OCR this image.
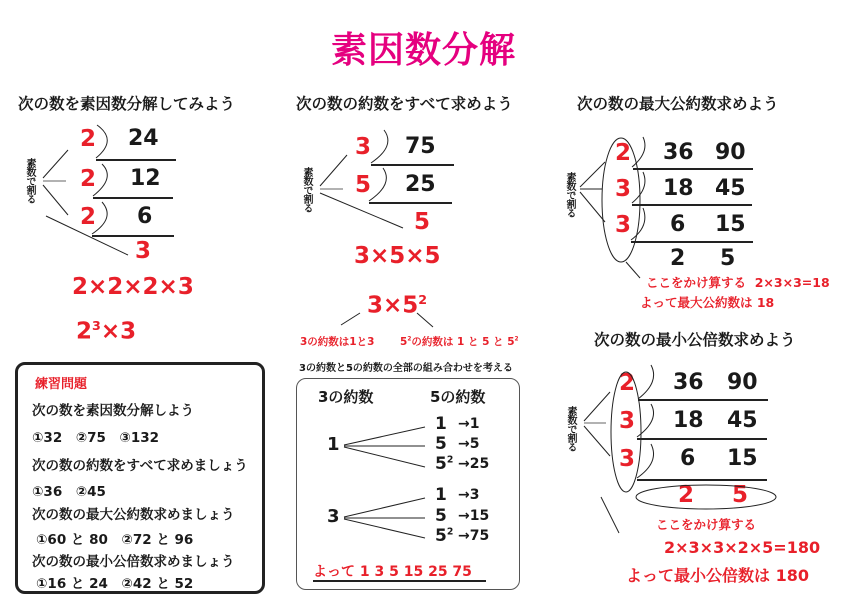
素因数分解
次の数を素因数分解してみよう
素数で割る
2
2
2
24
12
6
3
2×2×2×3
$2^3\times 3$
次の数の約数をすべて求めよう
素数で割る
3
5
75
25
5
3×5×5
$3\times 5^2$
3の約数は1と3 $5^2$の約数は 1 と 5 と $5^2$
3の約数と5の約数の全部の組み合わせを考える
3の約数	5の約数
1
1 →1
5 →5
$5^2 \to 25$
3
1 →3
5 →15
$5^2 \to 75$
よって 1 3 5 15 25 75
次の数の最大公約数求めよう
素数で割る
2
3
3
36 90
18 45
6 15
2 5
ここをかけ算する 2×3×3=18
よって最大公約数は 18
次の数の最小公倍数求めよう
素数で割る
2
3
3
36 90
18 45
6 15
2 5
ここをかけ算する
2×3×3×2×5=180
よって最小公倍数は 180
練習問題
次の数を素因数分解しよう
①32　②75　③132
次の数の約数をすべて求めましょう
①36　②45
次の数の最大公約数求めましょう
①60 と 80　②72 と 96
次の数の最小公倍数求めましょう
①16 と 24　②42 と 52
